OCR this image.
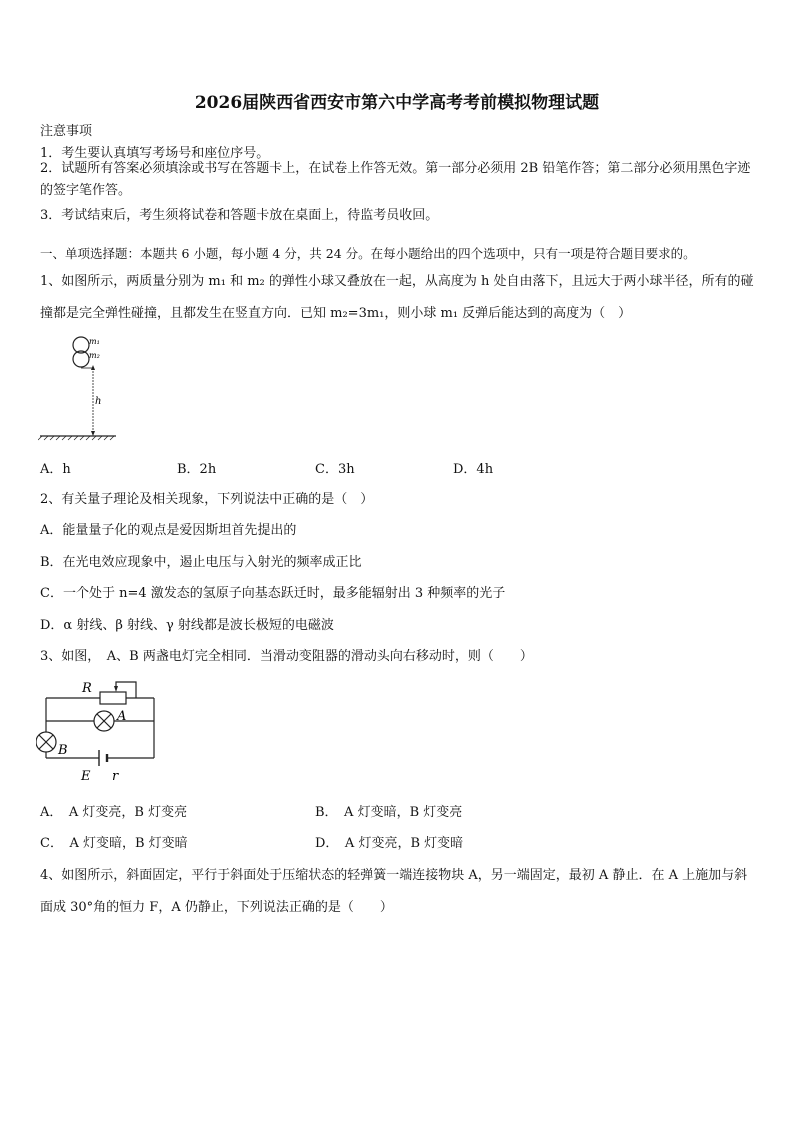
2026届陕西省西安市第六中学高考考前模拟物理试题
注意事项
1．考生要认真填写考场号和座位序号。
2．试题所有答案必须填涂或书写在答题卡上，在试卷上作答无效。第一部分必须用 2B 铅笔作答；第二部分必须用黑色字迹的签字笔作答。
3．考试结束后，考生须将试卷和答题卡放在桌面上，待监考员收回。
一、单项选择题：本题共 6 小题，每小题 4 分，共 24 分。在每小题给出的四个选项中，只有一项是符合题目要求的。
1、如图所示，两质量分别为 m₁ 和 m₂ 的弹性小球又叠放在一起，从高度为 h 处自由落下，且远大于两小球半径，所有的碰撞都是完全弹性碰撞，且都发生在竖直方向．已知 m₂=3m₁，则小球 m₁ 反弹后能达到的高度为（　）
m₁
m₂
h
A．h	B．2h	C．3h	D．4h
2、有关量子理论及相关现象，下列说法中正确的是（　）
A．能量量子化的观点是爱因斯坦首先提出的
B．在光电效应现象中，遏止电压与入射光的频率成正比
C．一个处于 n=4 激发态的氢原子向基态跃迁时，最多能辐射出 3 种频率的光子
D．α 射线、β 射线、γ 射线都是波长极短的电磁波
3、如图，　A、B 两盏电灯完全相同．当滑动变阻器的滑动头向右移动时，则（　　）
R
A
B
E r
A．　A 灯变亮，B 灯变亮	B．　A 灯变暗，B 灯变亮
C．　A 灯变暗，B 灯变暗	D．　A 灯变亮，B 灯变暗
4、如图所示，斜面固定，平行于斜面处于压缩状态的轻弹簧一端连接物块 A，另一端固定，最初 A 静止．在 A 上施加与斜面成 30°角的恒力 F，A 仍静止，下列说法正确的是（　　）
